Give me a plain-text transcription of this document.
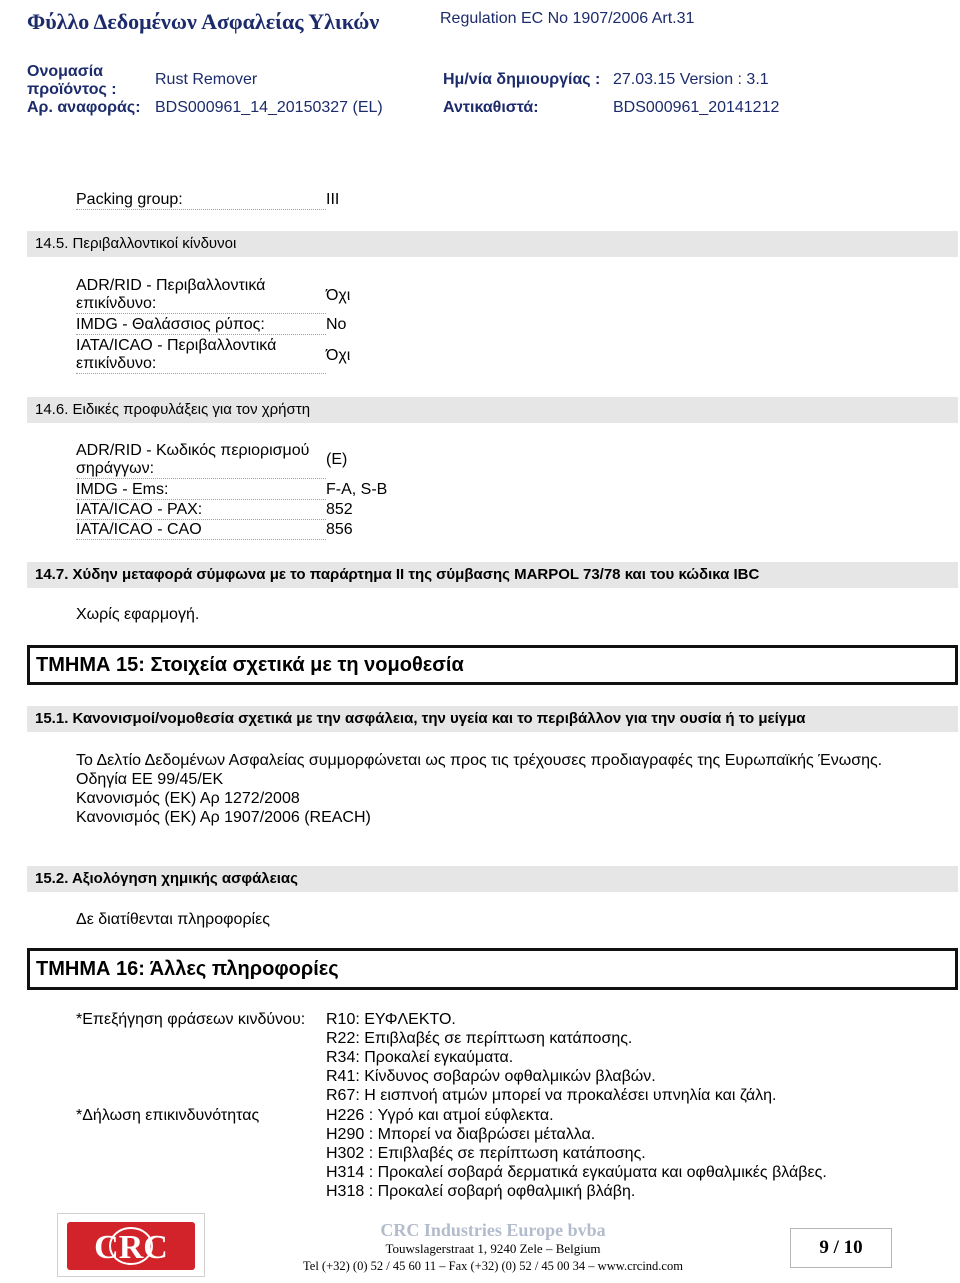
Φύλλο Δεδομένων Ασφαλείας Υλικών	Regulation EC No 1907/2006 Art.31
Ονομασία προϊόντος :
Rust Remover	Ημ/νία δημιουργίας : 27.03.15 Version : 3.1
Αρ. αναφοράς: BDS000961_14_20150327 (EL)	Αντικαθιστά:	BDS000961_20141212
Packing group:	III
14.5. Περιβαλλοντικοί κίνδυνοι
ADR/RID - Περιβαλλοντικά επικίνδυνο:	Όχι
IMDG - Θαλάσσιος ρύπος:	No
IATA/ICAO - Περιβαλλοντικά επικίνδυνο:	Όχι
14.6. Ειδικές προφυλάξεις για τον χρήστη
ADR/RID - Κωδικός περιορισμού σηράγγων:
(E)
IMDG - Ems:	F-A, S-B
IATA/ICAO - PAX:	852
IATA/ICAO - CAO	856
14.7. Χύδην μεταφορά σύμφωνα με το παράρτημα II της σύμβασης MARPOL 73/78 και του κώδικα IBC
Χωρίς εφαρμογή.
ΤΜΗΜΑ 15: Στοιχεία σχετικά με τη νομοθεσία
15.1. Κανονισμοί/νομοθεσία σχετικά με την ασφάλεια, την υγεία και το περιβάλλον για την ουσία ή το μείγμα
Το Δελτίο Δεδομένων Ασφαλείας συμμορφώνεται ως προς τις τρέχουσες προδιαγραφές της Ευρωπαϊκής Ένωσης.
Οδηγία ΕΕ 99/45/ΕΚ
Κανονισμός (ΕΚ) Αρ 1272/2008
Κανονισμός (ΕΚ) Αρ 1907/2006 (REACH)
15.2. Αξιολόγηση χημικής ασφάλειας
Δε διατίθενται πληροφορίες
ΤΜΗΜΑ 16: Άλλες πληροφορίες
*Επεξήγηση φράσεων κινδύνου: R10: ΕΥΦΛΕΚΤΟ.
R22: Επιβλαβές σε περίπτωση κατάποσης.
R34: Προκαλεί εγκαύματα.
R41: Κίνδυνος σοβαρών οφθαλμικών βλαβών.
R67: Η εισπνοή ατμών μπορεί να προκαλέσει υπνηλία και ζάλη.
*Δήλωση επικινδυνότητας	H226 : Υγρό και ατμοί εύφλεκτα.
H290 : Μπορεί να διαβρώσει μέταλλα.
H302 : Επιβλαβές σε περίπτωση κατάποσης.
H314 : Προκαλεί σοβαρά δερματικά εγκαύματα και οφθαλμικές βλάβες.
H318 : Προκαλεί σοβαρή οφθαλμική βλάβη.
CRC	CRC Industries Europe bvba
Touwslagerstraat 1, 9240 Zele – Belgium
Tel (+32) (0) 52 / 45 60 11 – Fax (+32) (0) 52 / 45 00 34 – www.crcind.com
9 / 10
